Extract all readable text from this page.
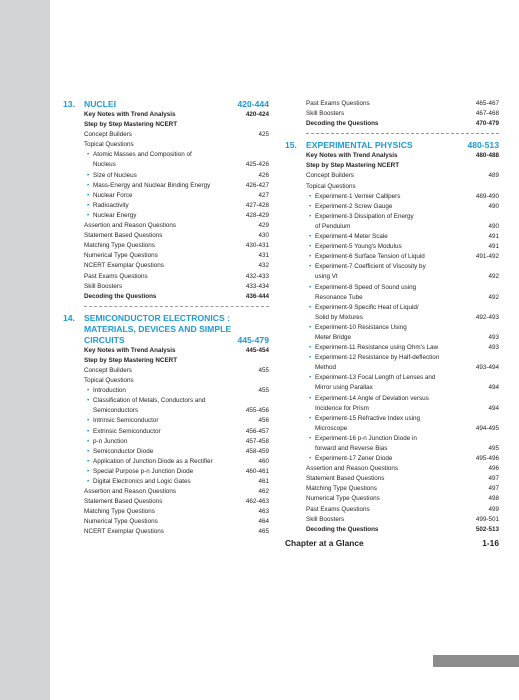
13.	NUCLEI	420-444
Key Notes with Trend Analysis	420-424
Step by Step Mastering NCERT
Concept Builders	425
Topical Questions
• Atomic Masses and Composition of
Nucleus	425-426
• Size of Nucleus	426
• Mass-Energy and Nuclear Binding Energy	426-427
• Nuclear Force	427
• Radioactivity	427-428
• Nuclear Energy	428-429
Assertion and Reason Questions	429
Statement Based Questions	430
Matching Type Questions	430-431
Numerical Type Questions	431
NCERT Exemplar Questions	432
Past Exams Questions	432-433
Skill Boosters	433-434
Decoding the Questions	436-444
14.	SEMICONDUCTOR ELECTRONICS :
MATERIALS, DEVICES AND SIMPLE
CIRCUITS	445-479
Key Notes with Trend Analysis	445-454
Step by Step Mastering NCERT
Concept Builders	455
Topical Questions
• Introduction	455
• Classification of Metals, Conductors and
Semiconductors	455-456
• Intrinsic Semiconductor	456
• Extrinsic Semiconductor	456-457
• p-n Junction	457-458
• Semiconductor Diode	458-459
• Application of Junction Diode as a Rectifier	460
• Special Purpose p-n Junction Diode	460-461
• Digital Electronics and Logic Gates	461
Assertion and Reason Questions	462
Statement Based Questions	462-463
Matching Type Questions	463
Numerical Type Questions	464
NCERT Exemplar Questions	465
Past Exams Questions	465-467
Skill Boosters	467-468
Decoding the Questions	470-479
15.	EXPERIMENTAL PHYSICS	480-513
Key Notes with Trend Analysis	480-488
Step by Step Mastering NCERT
Concept Builders	489
Topical Questions
• Experiment-1 Vernier Callipers	489-490
• Experiment-2 Screw Gauge	490
• Experiment-3 Dissipation of Energy
of Pendulum	490
• Experiment-4 Meter Scale	491
• Experiment-5 Young's Modulus	491
• Experiment-6 Surface Tension of Liquid	491-492
• Experiment-7 Coefficient of Viscosity by
using Vt	492
• Experiment-8 Speed of Sound using
Resonance Tube	492
• Experiment-9 Specific Heat of Liquid/
Solid by Mixtures	492-493
• Experiment-10 Resistance Using
Meter Bridge	493
• Experiment-11 Resistance using Ohm's Law	493
• Experiment-12 Resistance by Half-deflection
Method	493-494
• Experiment-13 Focal Length of Lenses and
Mirror using Parallax	494
• Experiment-14 Angle of Deviation versus
Incidence for Prism	494
• Experiment-15 Refractive Index using
Microscope	494-495
• Experiment-16 p-n Junction Diode in
forward and Reverse Bias	495
• Experiment-17 Zener Diode	495-496
Assertion and Reason Questions	496
Statement Based Questions	497
Matching Type Questions	497
Numerical Type Questions	498
Past Exams Questions	499
Skill Boosters	499-501
Decoding the Questions	502-513
Chapter at a Glance	1-16
